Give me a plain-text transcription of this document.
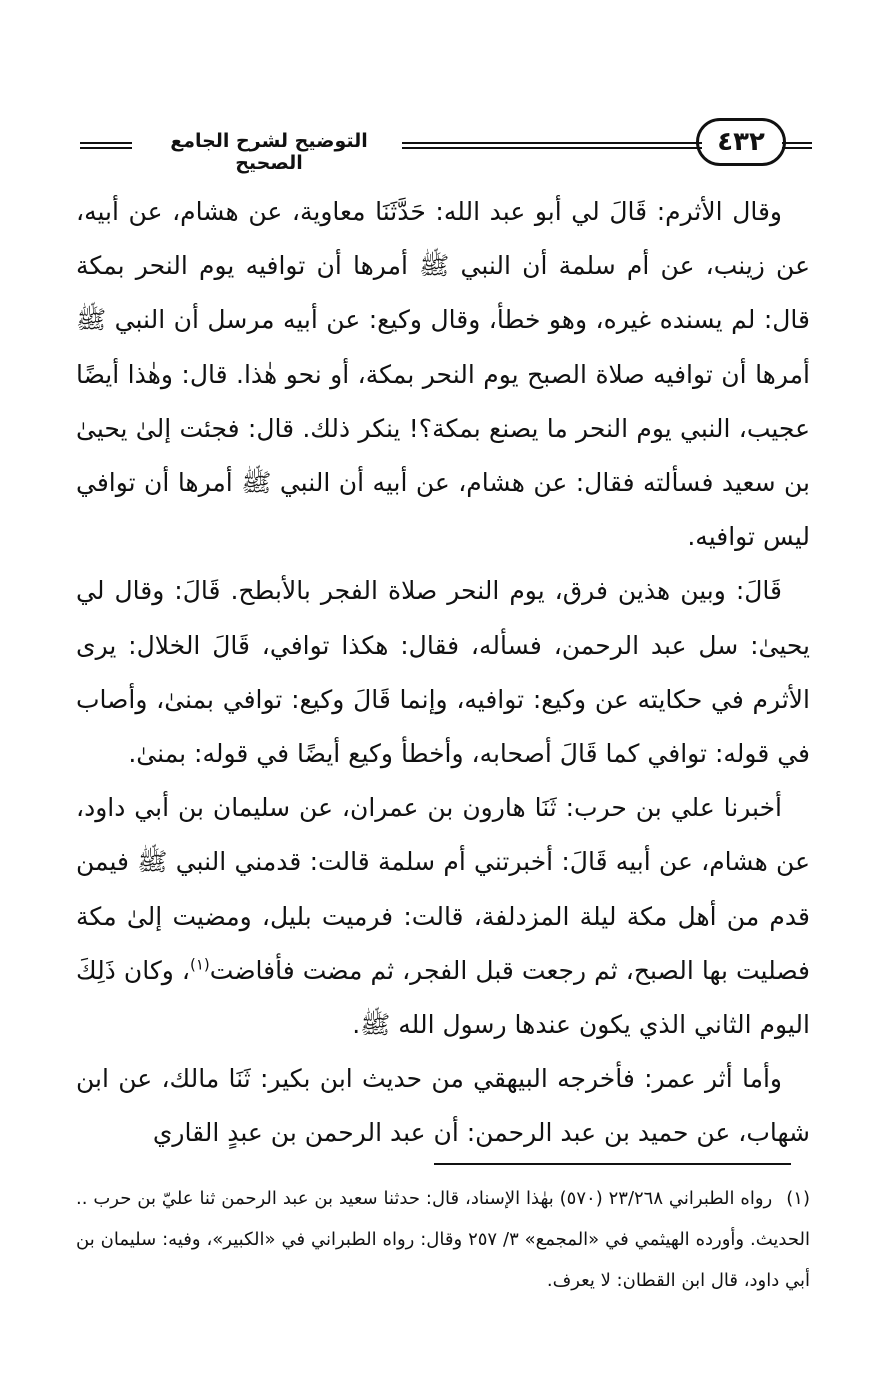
التوضيح لشرح الجامع الصحيح
٤٣٢

وقال الأثرم: قَالَ لي أبو عبد الله: حَدَّثَنَا معاوية، عن هشام، عن أبيه، عن زينب، عن أم سلمة أن النبي ﷺ أمرها أن توافيه يوم النحر بمكة قال: لم يسنده غيره، وهو خطأ، وقال وكيع: عن أبيه مرسل أن النبي ﷺ أمرها أن توافيه صلاة الصبح يوم النحر بمكة، أو نحو هٰذا. قال: وهٰذا أيضًا عجيب، النبي يوم النحر ما يصنع بمكة؟! ينكر ذلك. قال: فجئت إلىٰ يحيىٰ بن سعيد فسألته فقال: عن هشام، عن أبيه أن النبي ﷺ أمرها أن توافي ليس توافيه.

قَالَ: وبين هذين فرق، يوم النحر صلاة الفجر بالأبطح. قَالَ: وقال لي يحيىٰ: سل عبد الرحمن، فسأله، فقال: هكذا توافي، قَالَ الخلال: يرى الأثرم في حكايته عن وكيع: توافيه، وإنما قَالَ وكيع: توافي بمنىٰ، وأصاب في قوله: توافي كما قَالَ أصحابه، وأخطأ وكيع أيضًا في قوله: بمنىٰ.

أخبرنا علي بن حرب: ثَنَا هارون بن عمران، عن سليمان بن أبي داود، عن هشام، عن أبيه قَالَ: أخبرتني أم سلمة قالت: قدمني النبي ﷺ فيمن قدم من أهل مكة ليلة المزدلفة، قالت: فرميت بليل، ومضيت إلىٰ مكة فصليت بها الصبح، ثم رجعت قبل الفجر، ثم مضت فأفاضت$^{(١)}$، وكان ذَلِكَ اليوم الثاني الذي يكون عندها رسول الله ﷺ.

وأما أثر عمر: فأخرجه البيهقي من حديث ابن بكير: ثَنَا مالك، عن ابن شهاب، عن حميد بن عبد الرحمن: أن عبد الرحمن بن عبدٍ القاري

(١)رواه الطبراني ٢٣/٢٦٨ (٥٧٠) بهٰذا الإسناد، قال: حدثنا سعيد بن عبد الرحمن ثنا عليّ بن حرب .. الحديث. وأورده الهيثمي في «المجمع» ٣/ ٢٥٧ وقال: رواه الطبراني في «الكبير»، وفيه: سليمان بن أبي داود، قال ابن القطان: لا يعرف.
